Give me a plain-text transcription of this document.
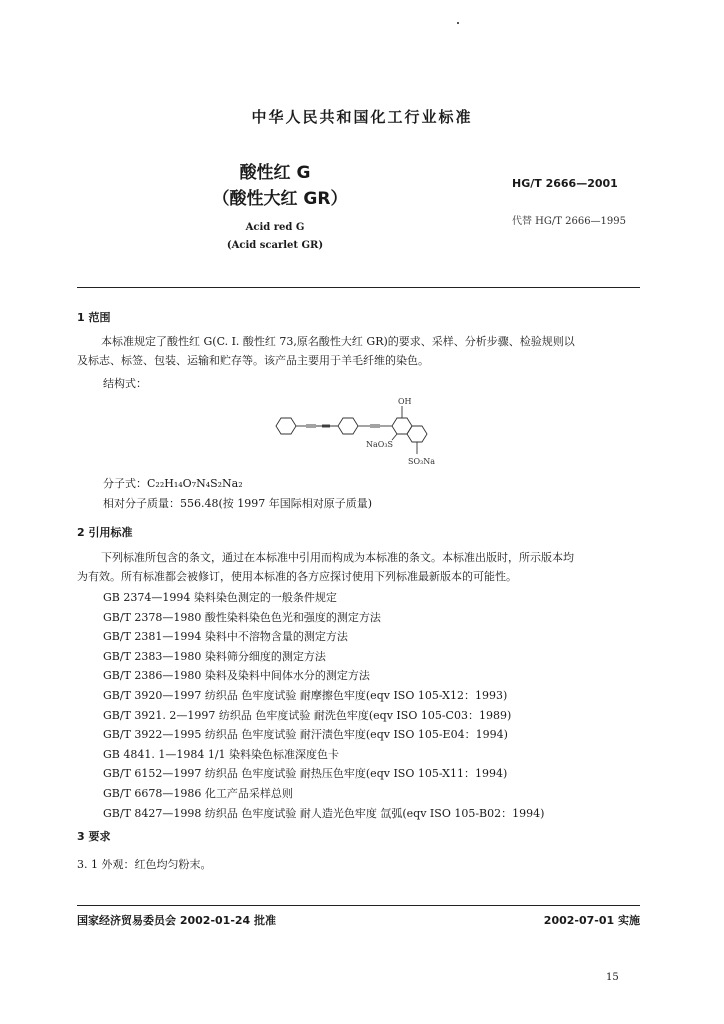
中华人民共和国化工行业标准
酸性红 G
（酸性大红 GR）
HG/T 2666—2001
代替 HG/T 2666—1995
Acid red G
(Acid scarlet GR)
1 范围
本标准规定了酸性红 G(C. I. 酸性红 73,原名酸性大红 GR)的要求、采样、分析步骤、检验规则以
及标志、标签、包装、运输和贮存等。该产品主要用于羊毛纤维的染色。
结构式：
OH
NaO₃S
SO₃Na
分子式：C₂₂H₁₄O₇N₄S₂Na₂
相对分子质量：556.48(按 1997 年国际相对原子质量)
2 引用标准
下列标准所包含的条文，通过在本标准中引用而构成为本标准的条文。本标准出版时，所示版本均
为有效。所有标准都会被修订，使用本标准的各方应探讨使用下列标准最新版本的可能性。
GB 2374—1994 染料染色测定的一般条件规定
GB/T 2378—1980 酸性染料染色色光和强度的测定方法
GB/T 2381—1994 染料中不溶物含量的测定方法
GB/T 2383—1980 染料筛分细度的测定方法
GB/T 2386—1980 染料及染料中间体水分的测定方法
GB/T 3920—1997 纺织品 色牢度试验 耐摩擦色牢度(eqv ISO 105-X12：1993)
GB/T 3921. 2—1997 纺织品 色牢度试验 耐洗色牢度(eqv ISO 105-C03：1989)
GB/T 3922—1995 纺织品 色牢度试验 耐汗渍色牢度(eqv ISO 105-E04：1994)
GB 4841. 1—1984 1/1 染料染色标准深度色卡
GB/T 6152—1997 纺织品 色牢度试验 耐热压色牢度(eqv ISO 105-X11：1994)
GB/T 6678—1986 化工产品采样总则
GB/T 8427—1998 纺织品 色牢度试验 耐人造光色牢度 氙弧(eqv ISO 105-B02：1994)
3 要求
3. 1 外观：红色均匀粉末。
国家经济贸易委员会 2002-01-24 批准	2002-07-01 实施
15
